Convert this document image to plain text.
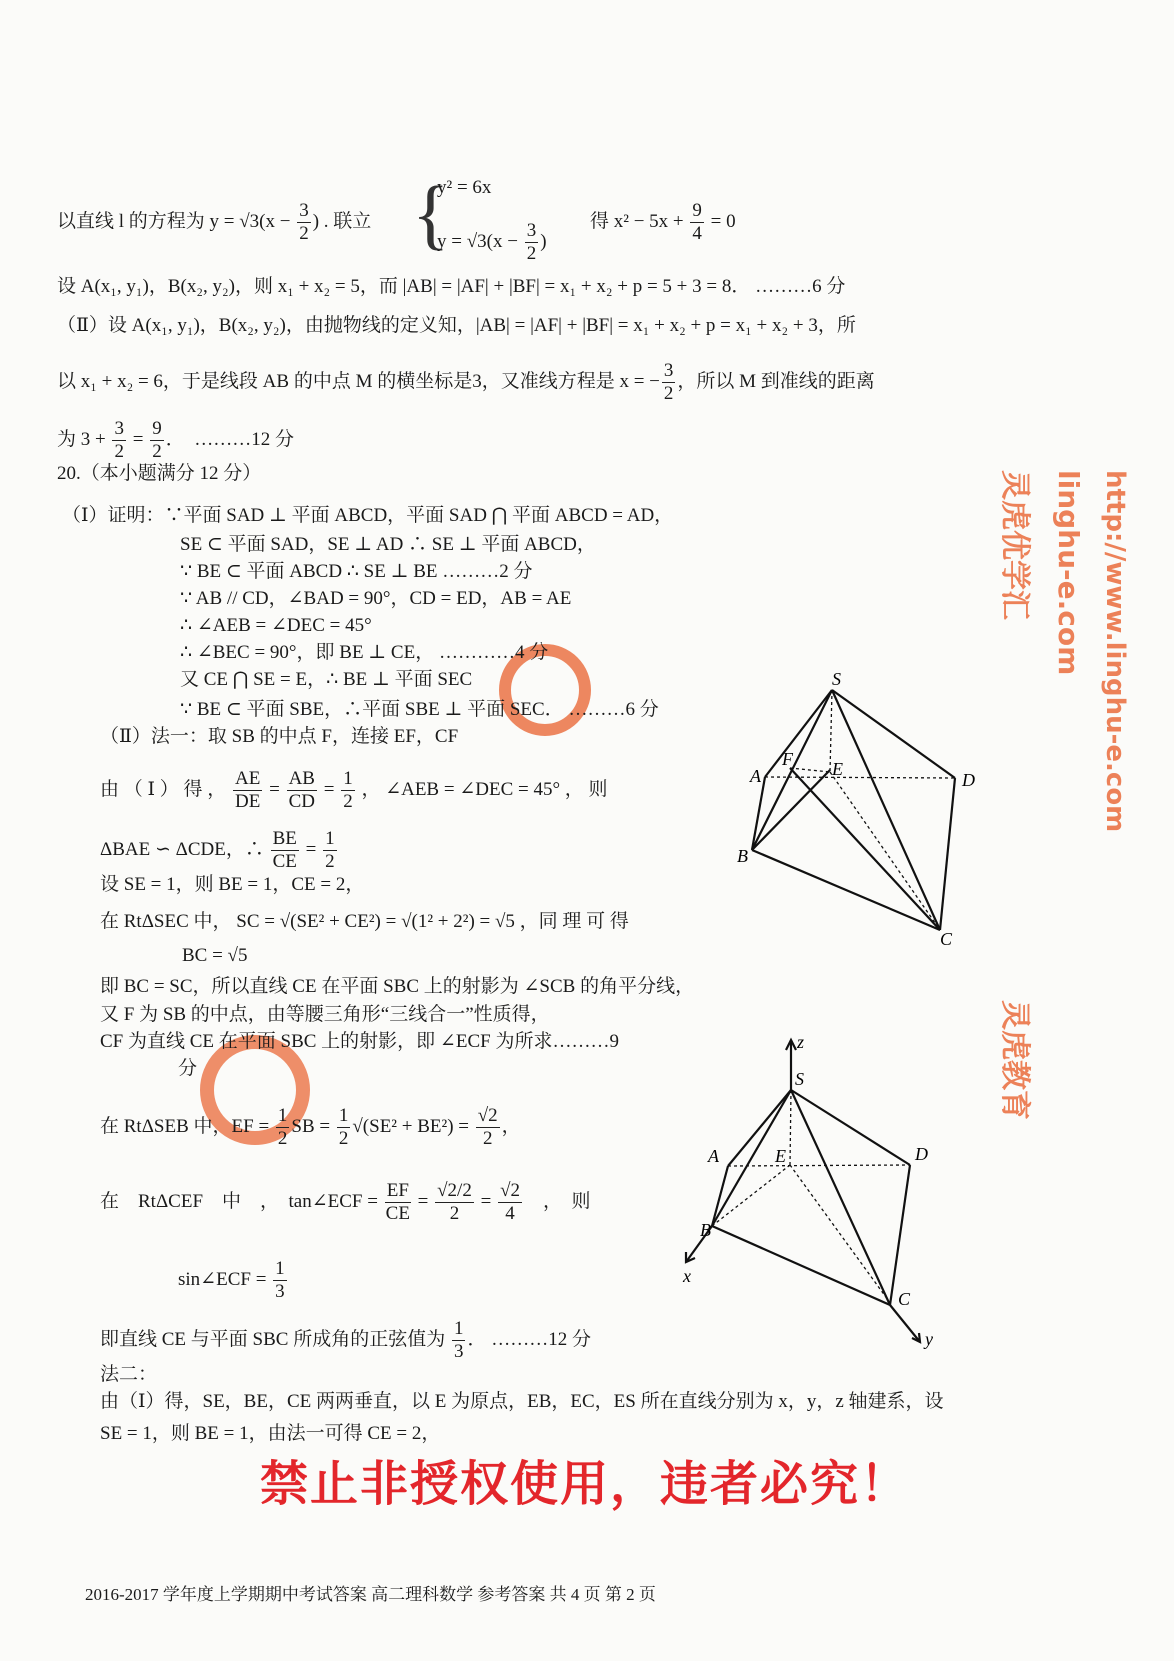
灵虎优学汇 linghu-e.com
灵虎教育
http://www.linghu-e.com
以直线 l 的方程为 $y = √3(x - \frac{3}{2}$ ) . 联立 {
y² = 6x
$y = √3(x - \frac{3}{2}$ )
得 $x^2 - 5x + \frac{9}{4} = 0$
设 A(x₁, y₁)，B(x₂, y₂)，则 x₁ + x₂ = 5，而 |AB| = |AF| + |BF| = x₁ + x₂ + p = 5 + 3 = 8． ………6 分
（Ⅱ）设 A(x₁, y₁)，B(x₂, y₂)，由抛物线的定义知，|AB| = |AF| + |BF| = x₁ + x₂ + p = x₁ + x₂ + 3，所
以 x₁ + x₂ = 6，于是线段 AB 的中点 M 的横坐标是3，又准线方程是 x = − $\frac{3}{2}$ ，所以 M 到准线的距离
为 $3 + \frac{3}{2} = \frac{9}{2}$ ．　………12 分
20.（本小题满分 12 分）
（Ⅰ）证明：∵平面 SAD ⊥ 平面 ABCD，平面 SAD ⋂ 平面 ABCD = AD，
SE ⊂ 平面 SAD，SE ⊥ AD ∴ SE ⊥ 平面 ABCD，
∵ BE ⊂ 平面 ABCD ∴ SE ⊥ BE ………2 分
∵ AB // CD，∠BAD = 90°，CD = ED，AB = AE
∴ ∠AEB = ∠DEC = 45°
∴ ∠BEC = 90°，即 BE ⊥ CE， …………4 分
又 CE ⋂ SE = E，∴ BE ⊥ 平面 SEC
∵ BE ⊂ 平面 SBE，∴平面 SBE ⊥ 平面 SEC． ………6 分
（Ⅱ）法一：取 SB 的中点 F，连接 EF，CF
由 （ Ⅰ ） 得 ， $\frac{AE}{DE} = \frac{AB}{CD} = \frac{1}{2}$ ， ∠AEB = ∠DEC = 45° ， 则
ΔBAE ∽ ΔCDE，∴ $\frac{BE}{CE} = \frac{1}{2}$
设 SE = 1，则 BE = 1，CE = 2，
在 RtΔSEC 中， SC = √(SE² + CE²) = √(1² + 2²) = √5 ，同 理 可 得
BC = √5
即 BC = SC，所以直线 CE 在平面 SBC 上的射影为 ∠SCB 的角平分线，
又 F 为 SB 的中点，由等腰三角形“三线合一”性质得，
CF 为直线 CE 在平面 SBC 上的射影，即 ∠ECF 为所求………9
分
在 RtΔSEB 中，EF = $\frac{1}{2}$ SB = $\frac{1}{2} √(SE^2 + BE^2) = \frac{√2}{2}$ ，
在　RtΔCEF　中　，　tan∠ECF = $\frac{EF}{CE} = \frac{√2/2}{2} = \frac{√2}{4}$ 　，　则
sin∠ECF = $\frac{1}{3}$
即直线 CE 与平面 SBC 所成角的正弦值为 $\frac{1}{3}$ ． ………12 分
法二：
由（Ⅰ）得，SE，BE，CE 两两垂直，以 E 为原点，EB，EC，ES 所在直线分别为 x，y，z 轴建系，设
SE = 1，则 BE = 1，由法一可得 CE = 2，
S
A
F E
D
B
C
z
S
A	E	D
B
C
x
y
禁止非授权使用，违者必究！
2016-2017 学年度上学期期中考试答案 高二理科数学 参考答案 共 4 页 第 2 页
